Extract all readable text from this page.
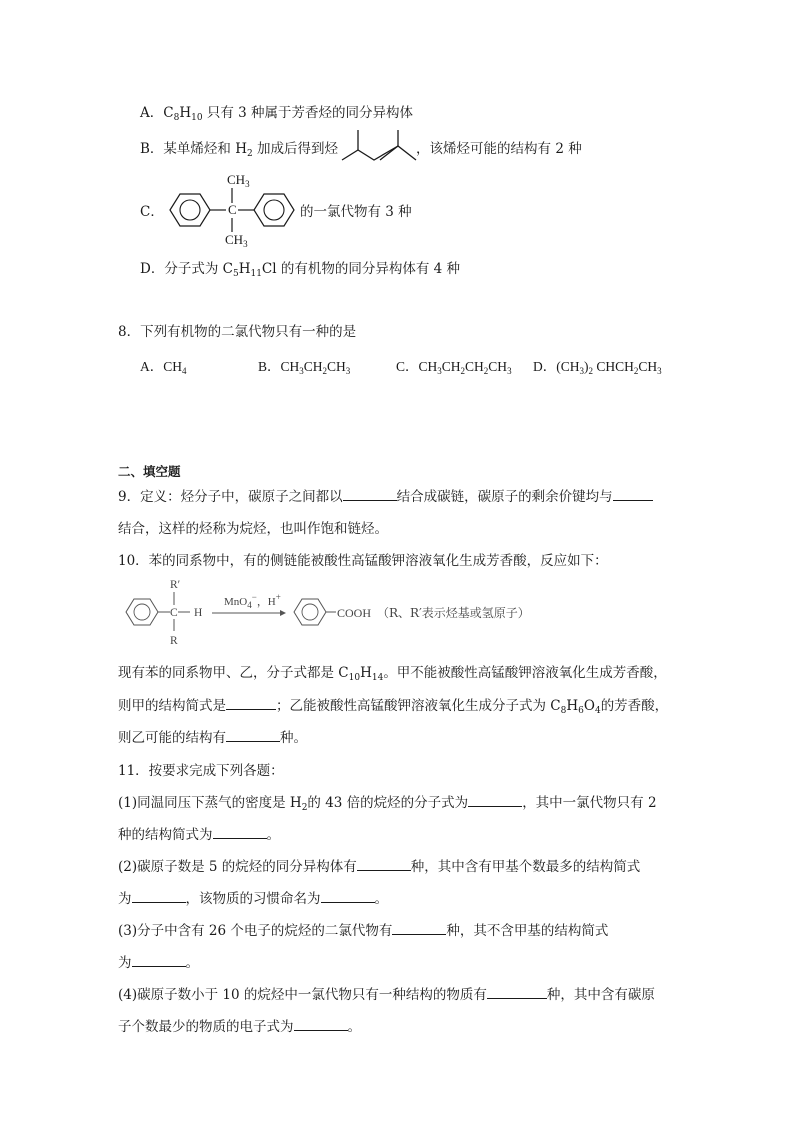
A．$C_8H_{10}$ 只有 3 种属于芳香烃的同分异构体
B．某单烯烃和 $H_2$ 加成后得到烃	，该烯烃可能的结构有 2 种
C．
$CH_3$
C
$CH_3$
的一氯代物有 3 种
D．分子式为 $C_5H_{11}Cl$ 的有机物的同分异构体有 4 种
8．下列有机物的二氯代物只有一种的是
A．$CH_4$	B．$CH_3CH_2CH_3$	C．$CH_3CH_2CH_2CH_3$ D．$(CH_3)_2$ $CHCH_2CH_3$
二、填空题
9．定义：烃分子中，碳原子之间都以	结合成碳链，碳原子的剩余价键均与
结合，这样的烃称为烷烃，也叫作饱和链烃。
10．苯的同系物中，有的侧链能被酸性高锰酸钾溶液氧化生成芳香酸，反应如下：
R′
C H
R
MnO$_4$−，H+
COOH （R、R′表示烃基或氢原子）
现有苯的同系物甲、乙，分子式都是 $C_{10}H_{14}$。甲不能被酸性高锰酸钾溶液氧化生成芳香酸，
则甲的结构简式是	；乙能被酸性高锰酸钾溶液氧化生成分子式为 $C_8H_6O_4$的芳香酸，
则乙可能的结构有	种。
11．按要求完成下列各题：
(1)同温同压下蒸气的密度是 $H_2$的 43 倍的烷烃的分子式为	，其中一氯代物只有 2
种的结构简式为	。
(2)碳原子数是 5 的烷烃的同分异构体有	种，其中含有甲基个数最多的结构简式
为	，该物质的习惯命名为	。
(3)分子中含有 26 个电子的烷烃的二氯代物有	种，其不含甲基的结构简式
为	。
(4)碳原子数小于 10 的烷烃中一氯代物只有一种结构的物质有	种，其中含有碳原
子个数最少的物质的电子式为	。
